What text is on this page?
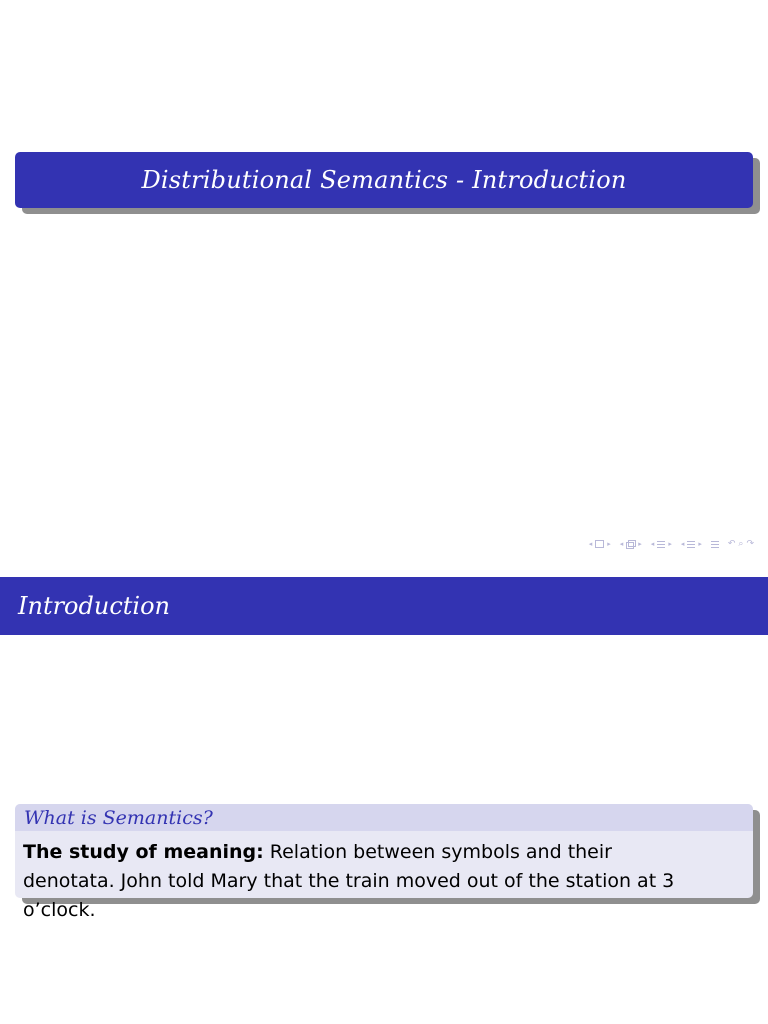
Distributional Semantics - Introduction
◂ ▸ ◂ ▸ ◂ ▸ ◂ ▸	↶ ⌕ ↷
Introduction
What is Semantics?
The study of meaning: Relation between symbols and their denotata. John told Mary that the train moved out of the station at 3 o’clock.
